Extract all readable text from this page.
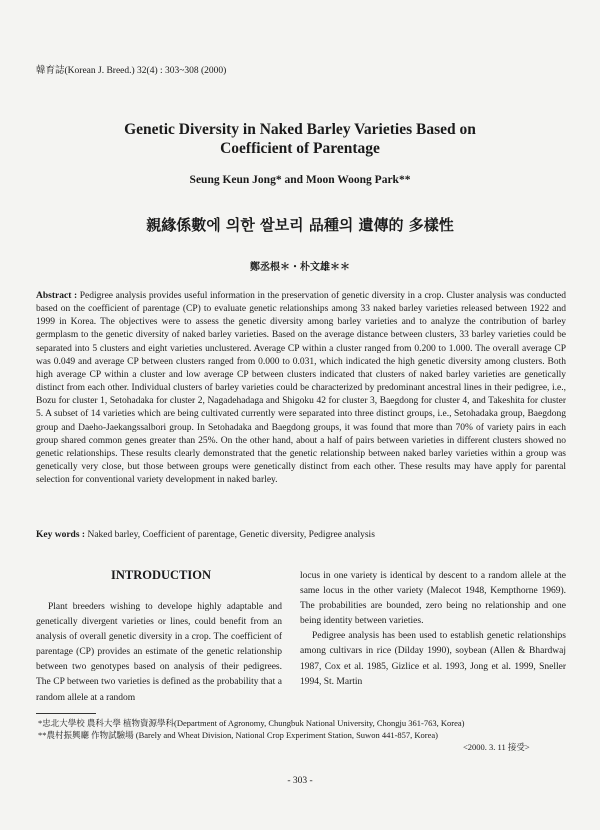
韓育誌(Korean J. Breed.) 32(4) : 303~308 (2000)
Genetic Diversity in Naked Barley Varieties Based on
Coefficient of Parentage
Seung Keun Jong* and Moon Woong Park**
親緣係數에 의한 쌀보리 品種의 遺傳的 多樣性
鄭丞根＊・朴文雄＊＊

Abstract : Pedigree analysis provides useful information in the preservation of genetic diversity in a crop. Cluster analysis was conducted based on the coefficient of parentage (CP) to evaluate genetic relationships among 33 naked barley varieties released between 1922 and 1999 in Korea. The objectives were to assess the genetic diversity among barley varieties and to analyze the contribution of barley germplasm to the genetic diversity of naked barley varieties. Based on the average distance between clusters, 33 barley varieties could be separated into 5 clusters and eight varieties unclustered. Average CP within a cluster ranged from 0.200 to 1.000. The overall average CP was 0.049 and average CP between clusters ranged from 0.000 to 0.031, which indicated the high genetic diversity among clusters. Both high average CP within a cluster and low average CP between clusters indicated that clusters of naked barley varieties are genetically distinct from each other. Individual clusters of barley varieties could be characterized by predominant ancestral lines in their pedigree, i.e., Bozu for cluster 1, Setohadaka for cluster 2, Nagadehadaga and Shigoku 42 for cluster 3, Baegdong for cluster 4, and Takeshita for cluster 5. A subset of 14 varieties which are being cultivated currently were separated into three distinct groups, i.e., Setohadaka group, Baegdong group and Daeho-Jaekangssalbori group. In Setohadaka and Baegdong groups, it was found that more than 70% of variety pairs in each group shared common genes greater than 25%. On the other hand, about a half of pairs between varieties in different clusters showed no genetic relationships. These results clearly demonstrated that the genetic relationship between naked barley varieties within a group was genetically very close, but those between groups were genetically distinct from each other. These results may have apply for parental selection for conventional variety development in naked barley.

Key words : Naked barley, Coefficient of parentage, Genetic diversity, Pedigree analysis

INTRODUCTION

Plant breeders wishing to develope highly adaptable and genetically divergent varieties or lines, could benefit from an analysis of overall genetic diversity in a crop. The coefficient of parentage (CP) provides an estimate of the genetic relationship between two genotypes based on analysis of their pedigrees. The CP between two varieties is defined as the probability that a random allele at a random

locus in one variety is identical by descent to a random allele at the same locus in the other variety (Malecot 1948, Kempthorne 1969). The probabilities are bounded, zero being no relationship and one being identity between varieties.
Pedigree analysis has been used to establish genetic relationships among cultivars in rice (Dilday 1990), soybean (Allen & Bhardwaj 1987, Cox et al. 1985, Gizlice et al. 1993, Jong et al. 1999, Sneller 1994, St. Martin

*忠北大學校 農科大學 植物資源學科(Department of Agronomy, Chungbuk National University, Chongju 361-763, Korea)
**農村振興廳 作物試驗場 (Barely and Wheat Division, National Crop Experiment Station, Suwon 441-857, Korea)
<2000. 3. 11 接受>
- 303 -
